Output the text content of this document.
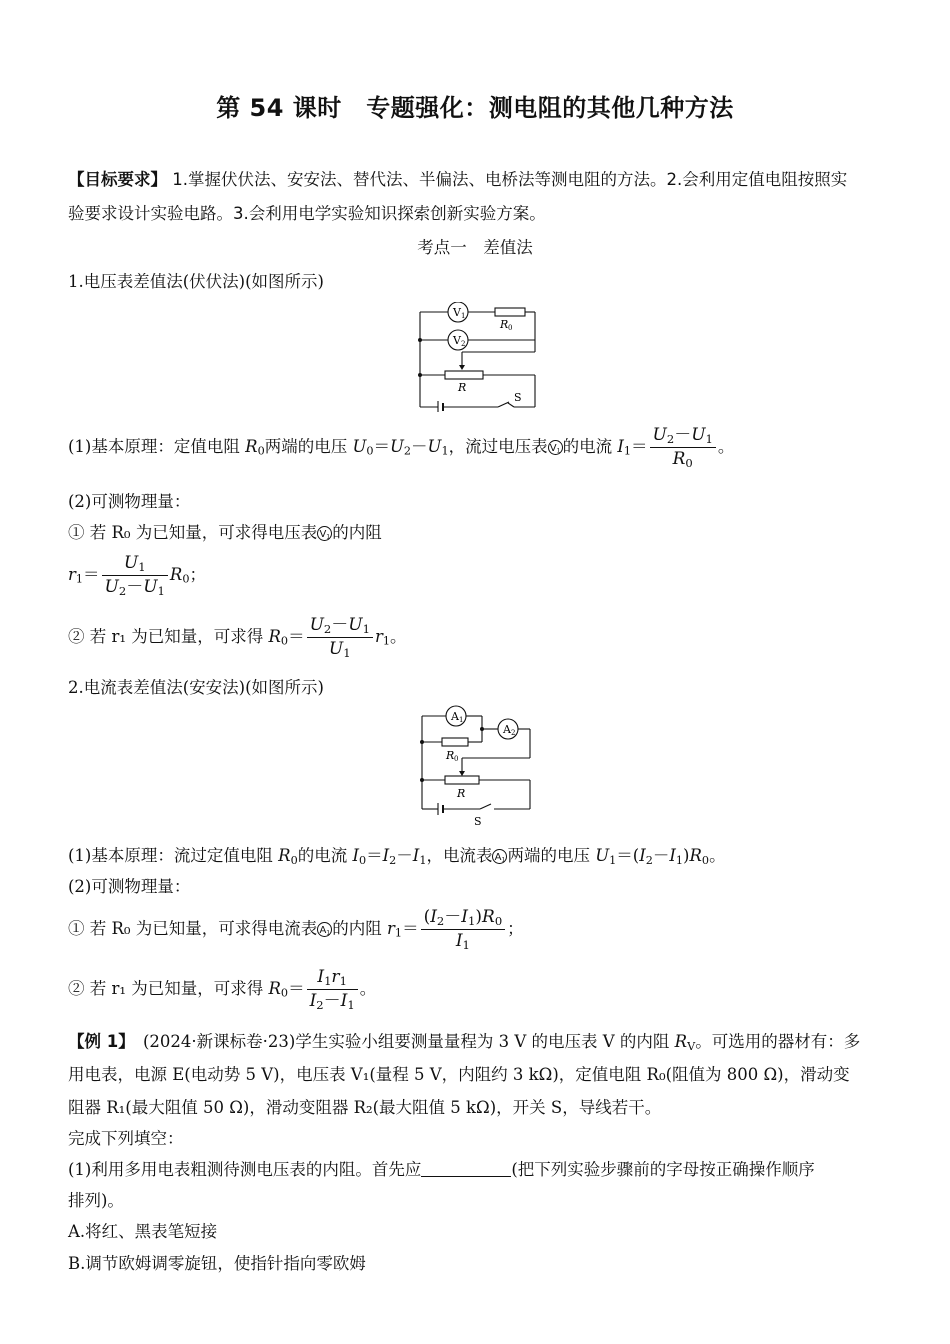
第 54 课时　专题强化：测电阻的其他几种方法
【目标要求】 1.掌握伏伏法、安安法、替代法、半偏法、电桥法等测电阻的方法。2.会利用定值电阻按照实
验要求设计实验电路。3.会利用电学实验知识探索创新实验方案。
考点一　差值法
1.电压表差值法(伏伏法)(如图所示)
V 1
V 2
R 0
R
S
(1)基本原理：定值电阻 $R_0$两端的电压 $U_0=U_2-U_1$，流过电压表 $V_1$ 的电流 $I_1= \frac{U_2-U_1}{R_0}$ 。
(2)可测物理量：
① 若 R₀ 为已知量，可求得电压表 $V_1$ 的内阻
$r_1= \frac{U_1}{U_2-U_1} R_0$；
② 若 r₁ 为已知量，可求得 $R_0= \frac{U_2-U_1}{U_1} r_1$。
2.电流表差值法(安安法)(如图所示)
A 1
A 2
R 0
R
S
(1)基本原理：流过定值电阻 $R_0$的电流 $I_0=I_2-I_1$，电流表 $A_1$ 两端的电压 $U_1=(I_2-I_1)R_0$。
(2)可测物理量：
① 若 R₀ 为已知量，可求得电流表 $A_1$ 的内阻 $r_1= \frac{(I_2-I_1)R_0}{I_1}$ ；
② 若 r₁ 为已知量，可求得 $R_0= \frac{I_1r_1}{I_2-I_1}$ 。
【例 1】　(2024·新课标卷·23)学生实验小组要测量量程为 3 V 的电压表 V 的内阻 $R_V$。可选用的器材有：多
用电表，电源 E(电动势 5 V)，电压表 V₁(量程 5 V，内阻约 3 kΩ)，定值电阻 R₀(阻值为 800 Ω)，滑动变
阻器 R₁(最大阻值 50 Ω)，滑动变阻器 R₂(最大阻值 5 kΩ)，开关 S，导线若干。
完成下列填空：
(1)利用多用电表粗测待测电压表的内阻。首先应	(把下列实验步骤前的字母按正确操作顺序
排列)。
A.将红、黑表笔短接
B.调节欧姆调零旋钮，使指针指向零欧姆
